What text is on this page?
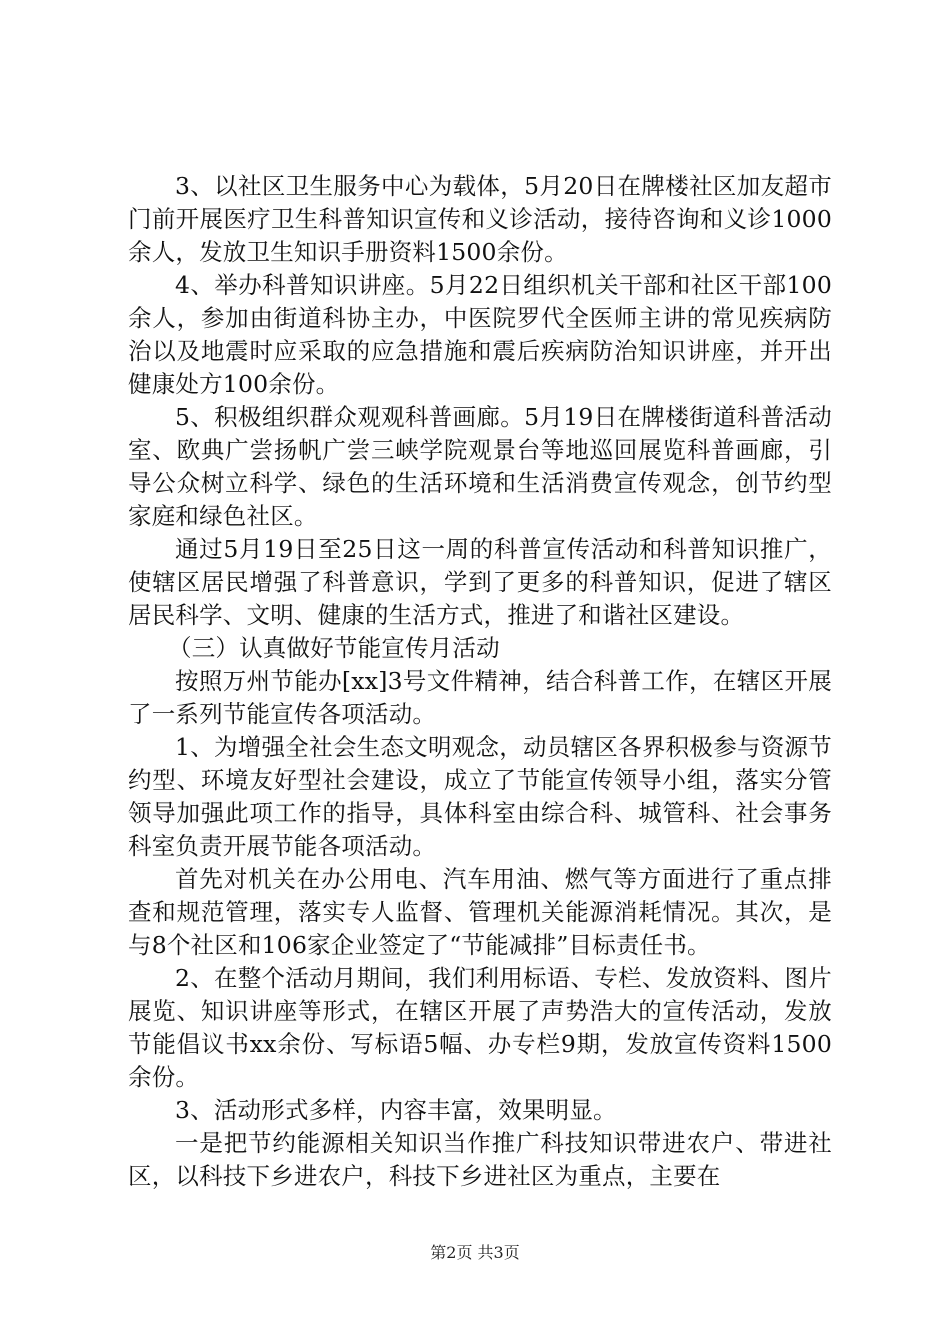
3、以社区卫生服务中心为载体，5月20日在牌楼社区加友超市门前开展医疗卫生科普知识宣传和义诊活动，接待咨询和义诊1000余人，发放卫生知识手册资料1500余份。

4、举办科普知识讲座。5月22日组织机关干部和社区干部100余人，参加由街道科协主办，中医院罗代全医师主讲的常见疾病防治以及地震时应采取的应急措施和震后疾病防治知识讲座，并开出健康处方100余份。

5、积极组织群众观观科普画廊。5月19日在牌楼街道科普活动室、欧典广尝扬帆广尝三峡学院观景台等地巡回展览科普画廊，引导公众树立科学、绿色的生活环境和生活消费宣传观念，创节约型家庭和绿色社区。

通过5月19日至25日这一周的科普宣传活动和科普知识推广，使辖区居民增强了科普意识，学到了更多的科普知识，促进了辖区居民科学、文明、健康的生活方式，推进了和谐社区建设。

（三）认真做好节能宣传月活动

按照万州节能办[xx]3号文件精神，结合科普工作，在辖区开展了一系列节能宣传各项活动。

1、为增强全社会生态文明观念，动员辖区各界积极参与资源节约型、环境友好型社会建设，成立了节能宣传领导小组，落实分管领导加强此项工作的指导，具体科室由综合科、城管科、社会事务科室负责开展节能各项活动。

首先对机关在办公用电、汽车用油、燃气等方面进行了重点排查和规范管理，落实专人监督、管理机关能源消耗情况。其次，是与8个社区和106家企业签定了“节能减排”目标责任书。

2、在整个活动月期间，我们利用标语、专栏、发放资料、图片展览、知识讲座等形式，在辖区开展了声势浩大的宣传活动，发放节能倡议书xx余份、写标语5幅、办专栏9期，发放宣传资料1500余份。

3、活动形式多样，内容丰富，效果明显。

一是把节约能源相关知识当作推广科技知识带进农户、带进社区，以科技下乡进农户，科技下乡进社区为重点，主要在

第2页 共3页
